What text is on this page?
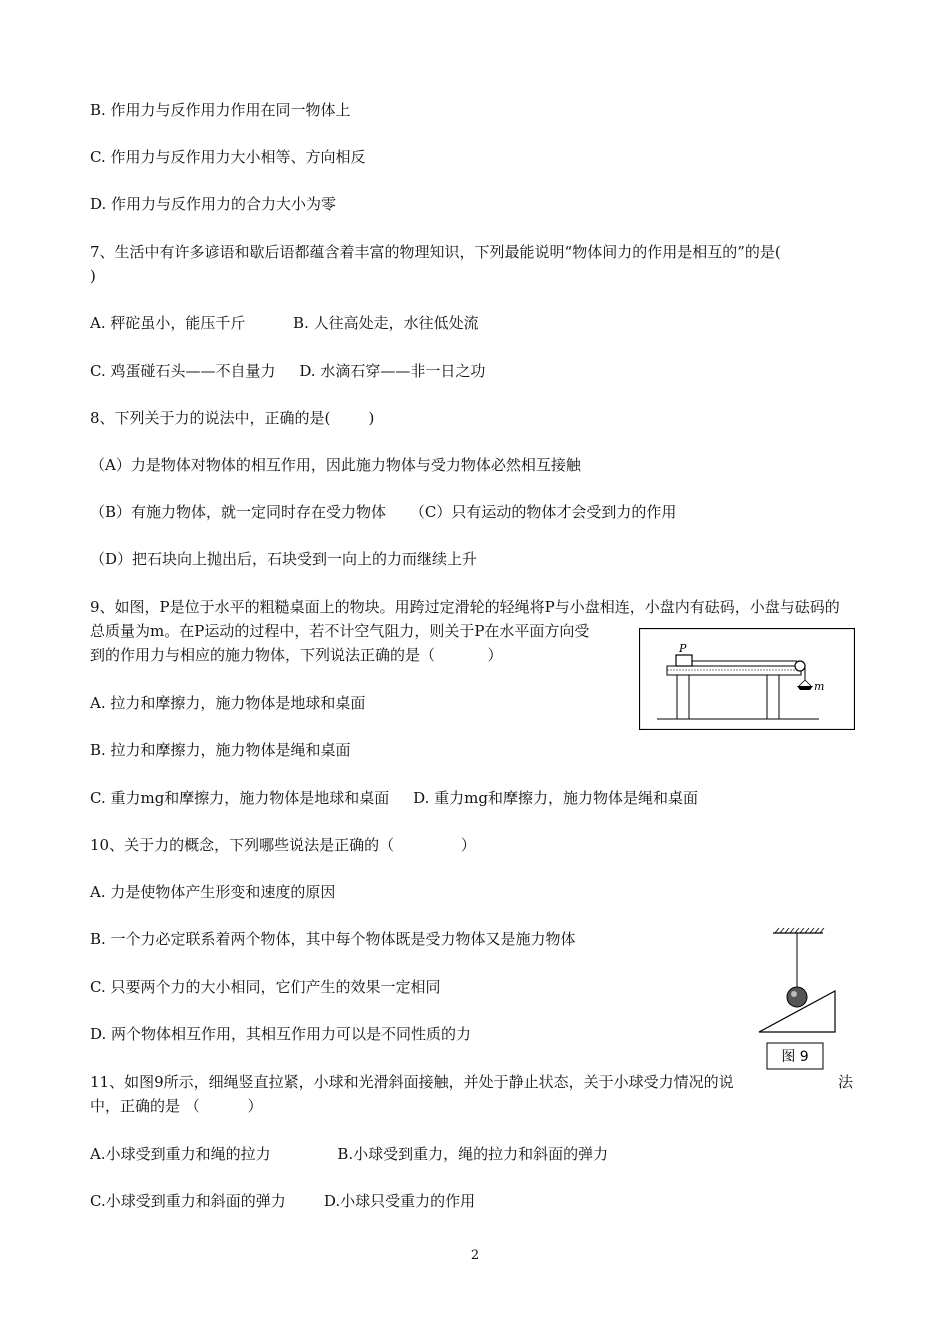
B. 作用力与反作用力作用在同一物体上
C. 作用力与反作用力大小相等、方向相反
D. 作用力与反作用力的合力大小为零
7、生活中有许多谚语和歇后语都蕴含着丰富的物理知识，下列最能说明“物体间力的作用是相互的”的是(
)
A. 秤砣虽小，能压千斤          B. 人往高处走，水往低处流
C. 鸡蛋碰石头——不自量力     D. 水滴石穿——非一日之功
8、下列关于力的说法中，正确的是(        )
（A）力是物体对物体的相互作用，因此施力物体与受力物体必然相互接触
（B）有施力物体，就一定同时存在受力物体     （C）只有运动的物体才会受到力的作用
（D）把石块向上抛出后，石块受到一向上的力而继续上升
9、如图，P是位于水平的粗糙桌面上的物块。用跨过定滑轮的轻绳将P与小盘相连，小盘内有砝码，小盘与砝码的
总质量为m。在P运动的过程中，若不计空气阻力，则关于P在水平面方向受
到的作用力与相应的施力物体，下列说法正确的是（           ）
A. 拉力和摩擦力，施力物体是地球和桌面
B. 拉力和摩擦力，施力物体是绳和桌面
C. 重力mg和摩擦力，施力物体是地球和桌面     D. 重力mg和摩擦力，施力物体是绳和桌面
P
m
10、关于力的概念，下列哪些说法是正确的（              ）
A. 力是使物体产生形变和速度的原因
B. 一个力必定联系着两个物体，其中每个物体既是受力物体又是施力物体
C. 只要两个力的大小相同，它们产生的效果一定相同
D. 两个物体相互作用，其相互作用力可以是不同性质的力
图 9
11、如图9所示，细绳竖直拉紧，小球和光滑斜面接触，并处于静止状态，关于小球受力情况的说	法
中，正确的是 （          ）
A.小球受到重力和绳的拉力              B.小球受到重力，绳的拉力和斜面的弹力
C.小球受到重力和斜面的弹力        D.小球只受重力的作用
2
